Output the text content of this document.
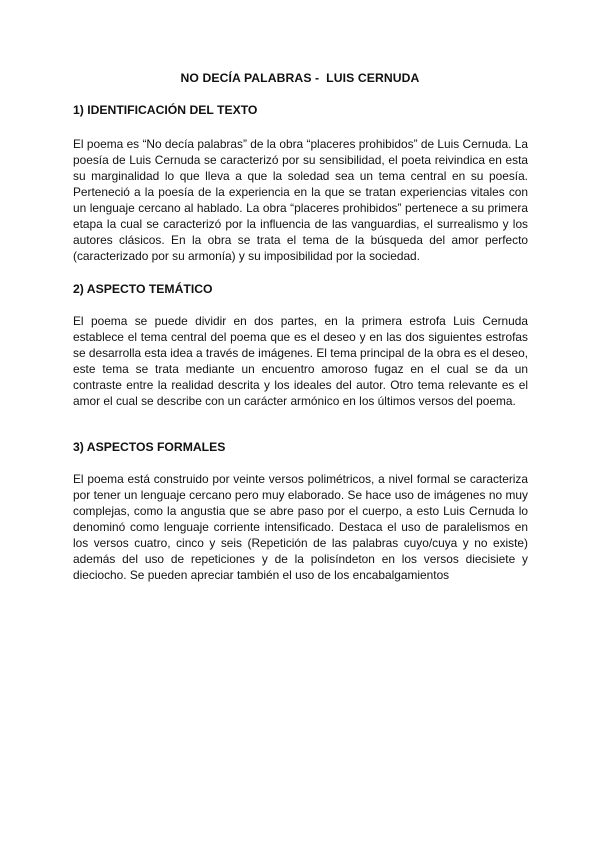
NO DECÍA PALABRAS -  LUIS CERNUDA
1) IDENTIFICACIÓN DEL TEXTO

El poema es “No decía palabras” de la obra “placeres prohibidos” de Luis Cernuda. La poesía de Luis Cernuda se caracterizó por su sensibilidad, el poeta reivindica en esta su marginalidad lo que lleva a que la soledad sea un tema central en su poesía. Perteneció a la poesía de la experiencia en la que se tratan experiencias vitales con un lenguaje cercano al hablado. La obra “placeres prohibidos” pertenece a su primera etapa la cual se caracterizó por la influencia de las vanguardias, el surrealismo y los autores clásicos. En la obra se trata el tema de la búsqueda del amor perfecto (caracterizado por su armonía) y su imposibilidad por la sociedad.

2) ASPECTO TEMÁTICO

El poema se puede dividir en dos partes, en la primera estrofa Luis Cernuda establece el tema central del poema que es el deseo y en las dos siguientes estrofas se desarrolla esta idea a través de imágenes. El tema principal de la obra es el deseo, este tema se trata mediante un encuentro amoroso fugaz en el cual se da un contraste entre la realidad descrita y los ideales del autor. Otro tema relevante es el amor el cual se describe con un carácter armónico en los últimos versos del poema.

3) ASPECTOS FORMALES

El poema está construido por veinte versos polimétricos, a nivel formal se caracteriza por tener un lenguaje cercano pero muy elaborado. Se hace uso de imágenes no muy complejas, como la angustia que se abre paso por el cuerpo, a esto Luis Cernuda lo denominó como lenguaje corriente intensificado. Destaca el uso de paralelismos en los versos cuatro, cinco y seis (Repetición de las palabras cuyo/cuya y no existe) además del uso de repeticiones y de la polisíndeton en los versos diecisiete y dieciocho. Se pueden apreciar también el uso de los encabalgamientos
